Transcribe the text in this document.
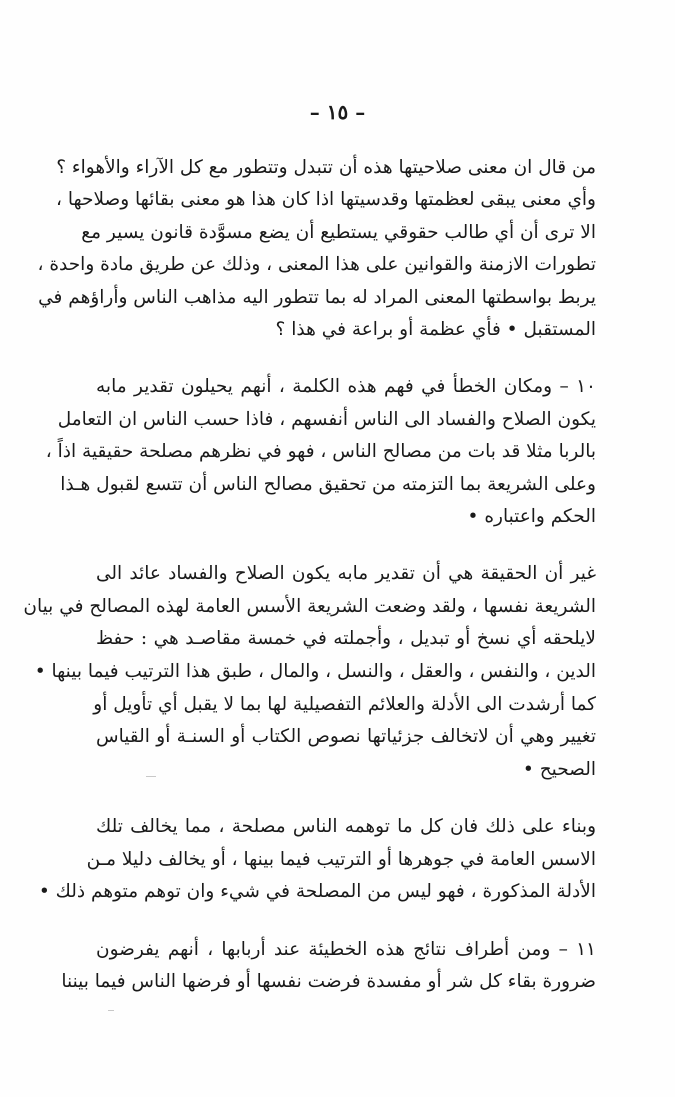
– ١٥ –
من قال ان معنى صلاحيتها هذه أن تتبدل وتتطور مع كل الآراء والأهواء ؟
وأي معنى يبقى لعظمتها وقدسيتها اذا كان هذا هو معنى بقائها وصلاحها ،
الا ترى أن أي طالب حقوقي يستطيع أن يضع مسوَّدة قانون يسير مع
تطورات الازمنة والقوانين على هذا المعنى ، وذلك عن طريق مادة واحدة ،
يربط بواسطتها المعنى المراد له بما تتطور اليه مذاهب الناس وأراؤهم في
المستقبل • فأي عظمة أو براعة في هذا ؟
١٠ – ومكان الخطأ في فهم هذه الكلمة ، أنهم يحيلون تقدير مابه
يكون الصلاح والفساد الى الناس أنفسهم ، فاذا حسب الناس ان التعامل
بالربا مثلا قد بات من مصالح الناس ، فهو في نظرهم مصلحة حقيقية اذاً ،
وعلى الشريعة بما التزمته من تحقيق مصالح الناس أن تتسع لقبول هـذا
الحكم واعتباره •
غير أن الحقيقة هي أن تقدير مابه يكون الصلاح والفساد عائد الى
الشريعة نفسها ، ولقد وضعت الشريعة الأسس العامة لهذه المصالح في بيان
لايلحقه أي نسخ أو تبديل ، وأجملته في خمسة مقاصـد هي : حفظ
الدين ، والنفس ، والعقل ، والنسل ، والمال ، طبق هذا الترتيب فيما بينها •
كما أرشدت الى الأدلة والعلائم التفصيلية لها بما لا يقبل أي تأويل أو
تغيير وهي أن لاتخالف جزئياتها نصوص الكتاب أو السنـة أو القياس
الصحيح •
وبناء على ذلك فان كل ما توهمه الناس مصلحة ، مما يخالف تلك
الاسس العامة في جوهرها أو الترتيب فيما بينها ، أو يخالف دليلا مـن
الأدلة المذكورة ، فهو ليس من المصلحة في شيء وان توهم متوهم ذلك •
١١ – ومن أطراف نتائج هذه الخطيئة عند أربابها ، أنهم يفرضون
ضرورة بقاء كل شر أو مفسدة فرضت نفسها أو فرضها الناس فيما بيننا
